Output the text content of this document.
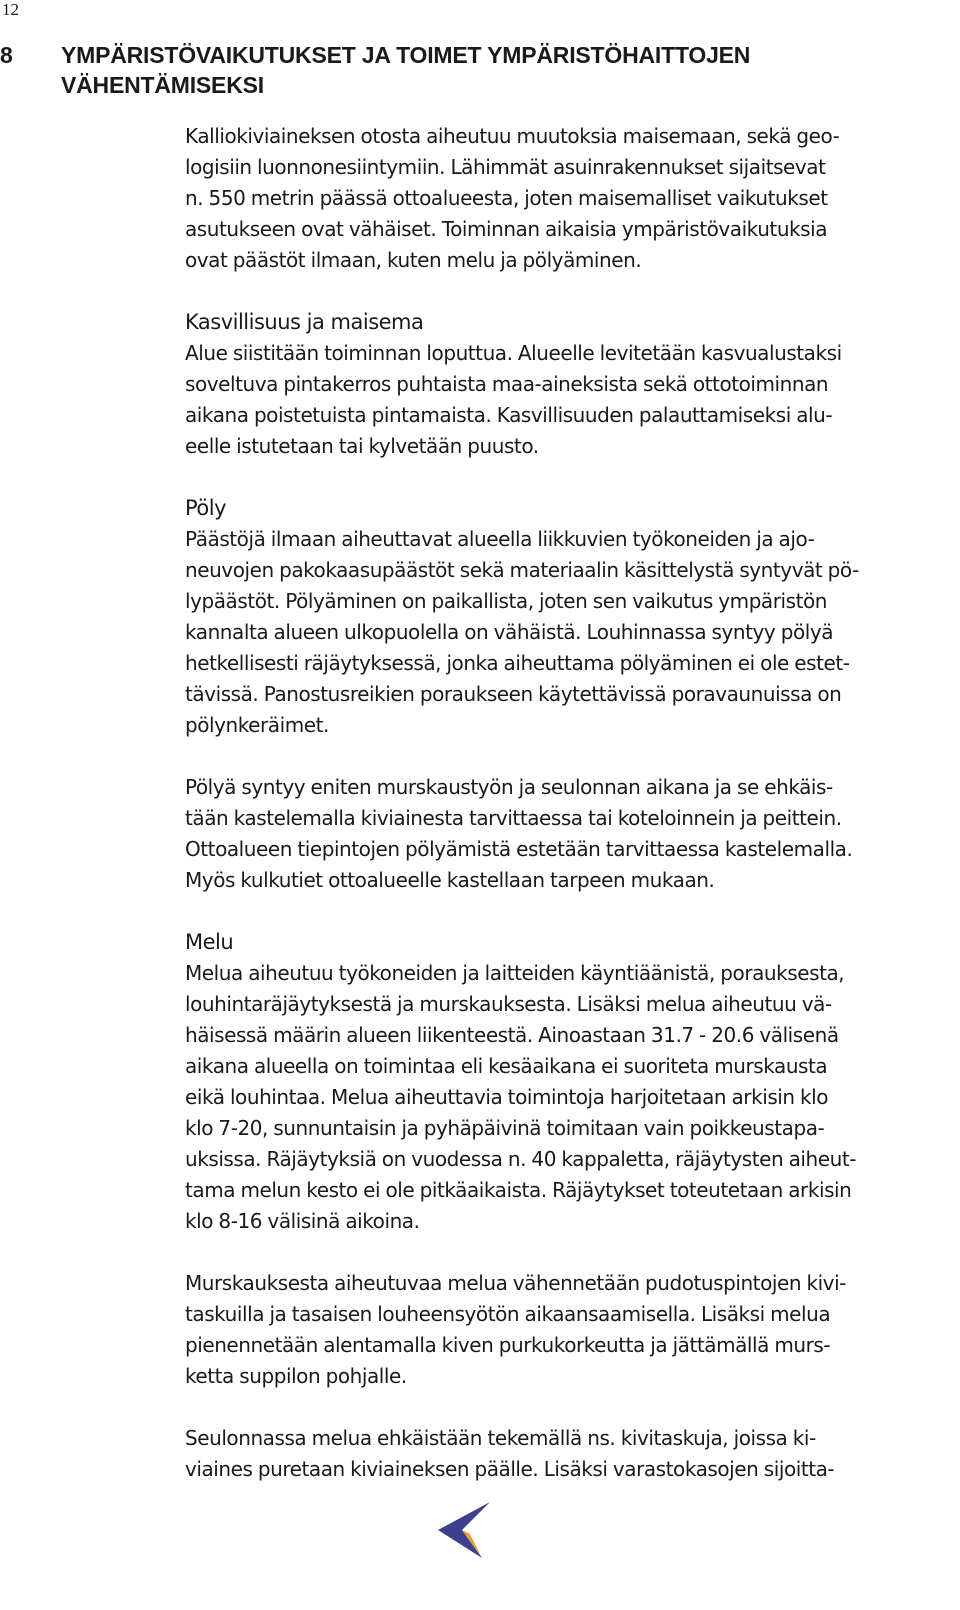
12
8 YMPÄRISTÖVAIKUTUKSET JA TOIMET YMPÄRISTÖHAITTOJEN
VÄHENTÄMISEKSI
Kalliokiviaineksen otosta aiheutuu muutoksia maisemaan, sekä geo-
logisiin luonnonesiintymiin. Lähimmät asuinrakennukset sijaitsevat
n. 550 metrin päässä ottoalueesta, joten maisemalliset vaikutukset
asutukseen ovat vähäiset. Toiminnan aikaisia ympäristövaikutuksia
ovat päästöt ilmaan, kuten melu ja pölyäminen.
Kasvillisuus ja maisema
Alue siistitään toiminnan loputtua. Alueelle levitetään kasvualustaksi
soveltuva pintakerros puhtaista maa-aineksista sekä ottotoiminnan
aikana poistetuista pintamaista. Kasvillisuuden palauttamiseksi alu-
eelle istutetaan tai kylvetään puusto.
Pöly
Päästöjä ilmaan aiheuttavat alueella liikkuvien työkoneiden ja ajo-
neuvojen pakokaasupäästöt sekä materiaalin käsittelystä syntyvät pö-
lypäästöt. Pölyäminen on paikallista, joten sen vaikutus ympäristön
kannalta alueen ulkopuolella on vähäistä. Louhinnassa syntyy pölyä
hetkellisesti räjäytyksessä, jonka aiheuttama pölyäminen ei ole estet-
tävissä. Panostusreikien poraukseen käytettävissä poravaunuissa on
pölynkeräimet.
Pölyä syntyy eniten murskaustyön ja seulonnan aikana ja se ehkäis-
tään kastelemalla kiviainesta tarvittaessa tai koteloinnein ja peittein.
Ottoalueen tiepintojen pölyämistä estetään tarvittaessa kastelemalla.
Myös kulkutiet ottoalueelle kastellaan tarpeen mukaan.
Melu
Melua aiheutuu työkoneiden ja laitteiden käyntiäänistä, porauksesta,
louhintaräjäytyksestä ja murskauksesta. Lisäksi melua aiheutuu vä-
häisessä määrin alueen liikenteestä. Ainoastaan 31.7 - 20.6 välisenä
aikana alueella on toimintaa eli kesäaikana ei suoriteta murskausta
eikä louhintaa. Melua aiheuttavia toimintoja harjoitetaan arkisin klo
klo 7-20, sunnuntaisin ja pyhäpäivinä toimitaan vain poikkeustapa-
uksissa. Räjäytyksiä on vuodessa n. 40 kappaletta, räjäytysten aiheut-
tama melun kesto ei ole pitkäaikaista. Räjäytykset toteutetaan arkisin
klo 8-16 välisinä aikoina.
Murskauksesta aiheutuvaa melua vähennetään pudotuspintojen kivi-
taskuilla ja tasaisen louheensyötön aikaansaamisella. Lisäksi melua
pienennetään alentamalla kiven purkukorkeutta ja jättämällä murs-
ketta suppilon pohjalle.
Seulonnassa melua ehkäistään tekemällä ns. kivitaskuja, joissa ki-
viaines puretaan kiviaineksen päälle. Lisäksi varastokasojen sijoitta-
